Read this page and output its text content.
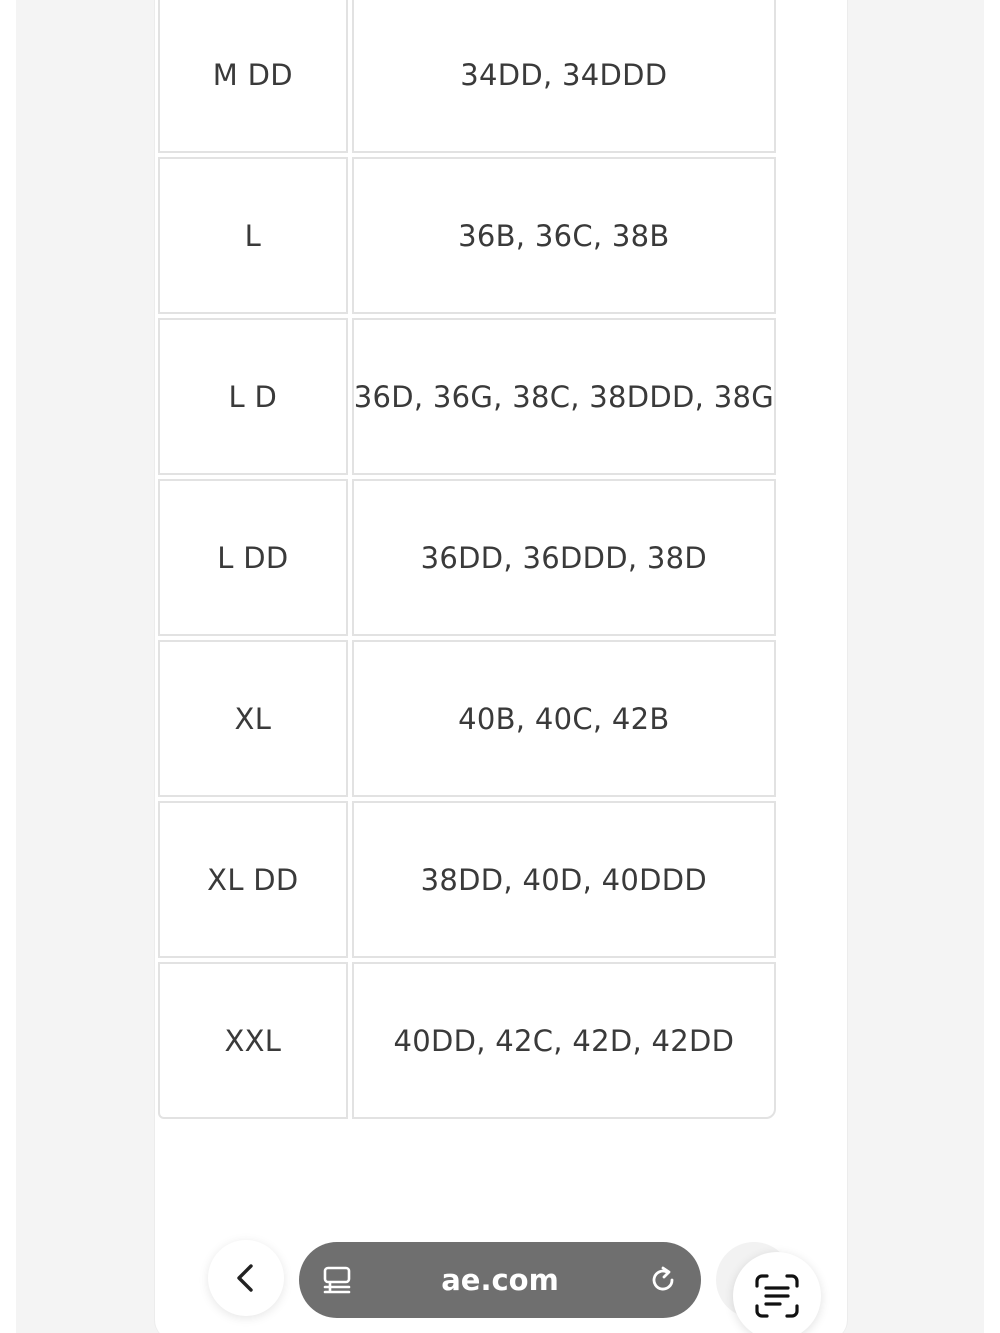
M DD	34DD, 34DDD
L	36B, 36C, 38B
L D	36D, 36G, 38C, 38DDD, 38G
L DD	36DD, 36DDD, 38D
XL	40B, 40C, 42B
XL DD	38DD, 40D, 40DDD
XXL	40DD, 42C, 42D, 42DD
ae.com
